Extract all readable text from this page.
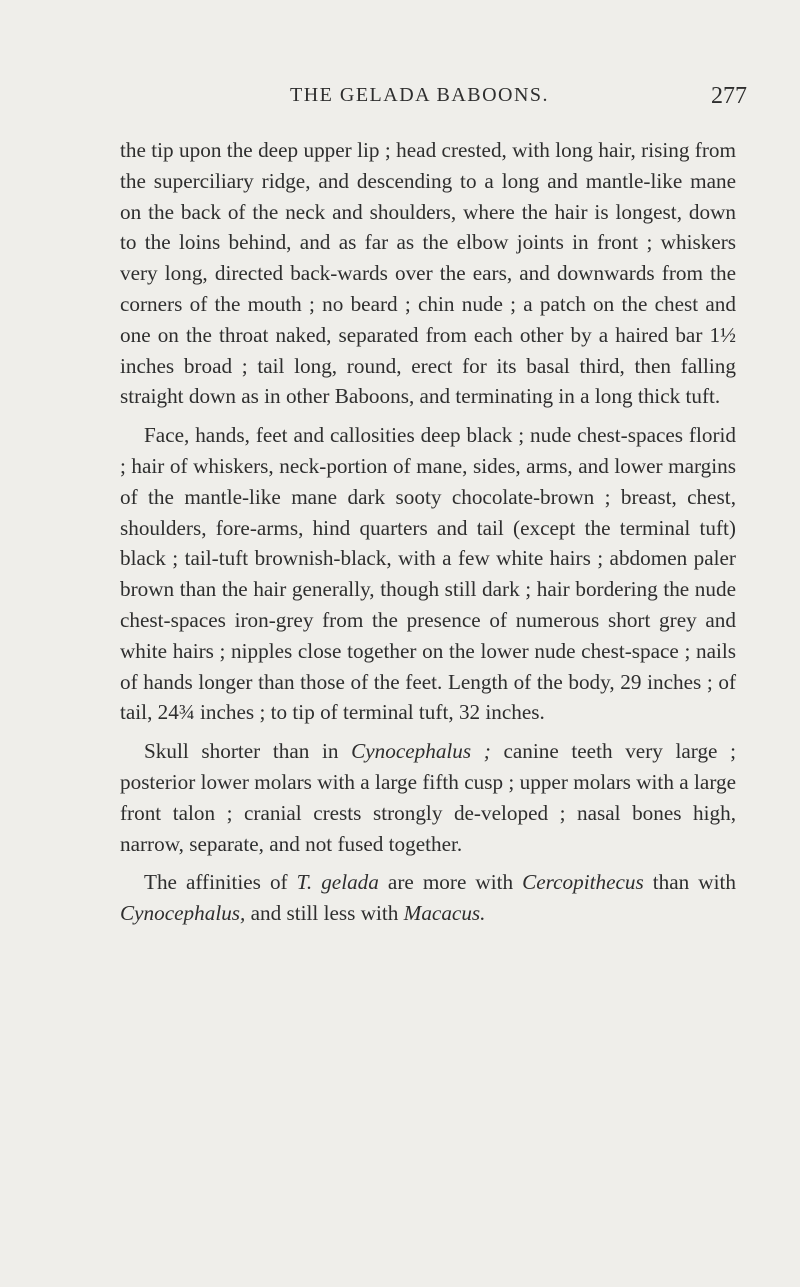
THE GELADA BABOONS.	277

the tip upon the deep upper lip ; head crested, with long hair, rising from the superciliary ridge, and descending to a long and mantle-like mane on the back of the neck and shoulders, where the hair is longest, down to the loins behind, and as far as the elbow joints in front ; whiskers very long, directed back-wards over the ears, and downwards from the corners of the mouth ; no beard ; chin nude ; a patch on the chest and one on the throat naked, separated from each other by a haired bar 1½ inches broad ; tail long, round, erect for its basal third, then falling straight down as in other Baboons, and terminating in a long thick tuft.

Face, hands, feet and callosities deep black ; nude chest-spaces florid ; hair of whiskers, neck-portion of mane, sides, arms, and lower margins of the mantle-like mane dark sooty chocolate-brown ; breast, chest, shoulders, fore-arms, hind quarters and tail (except the terminal tuft) black ; tail-tuft brownish-black, with a few white hairs ; abdomen paler brown than the hair generally, though still dark ; hair bordering the nude chest-spaces iron-grey from the presence of numerous short grey and white hairs ; nipples close together on the lower nude chest-space ; nails of hands longer than those of the feet. Length of the body, 29 inches ; of tail, 24¾ inches ; to tip of terminal tuft, 32 inches.

Skull shorter than in Cynocephalus ; canine teeth very large ; posterior lower molars with a large fifth cusp ; upper molars with a large front talon ; cranial crests strongly de-veloped ; nasal bones high, narrow, separate, and not fused together.

The affinities of T. gelada are more with Cercopithecus than with Cynocephalus, and still less with Macacus.
